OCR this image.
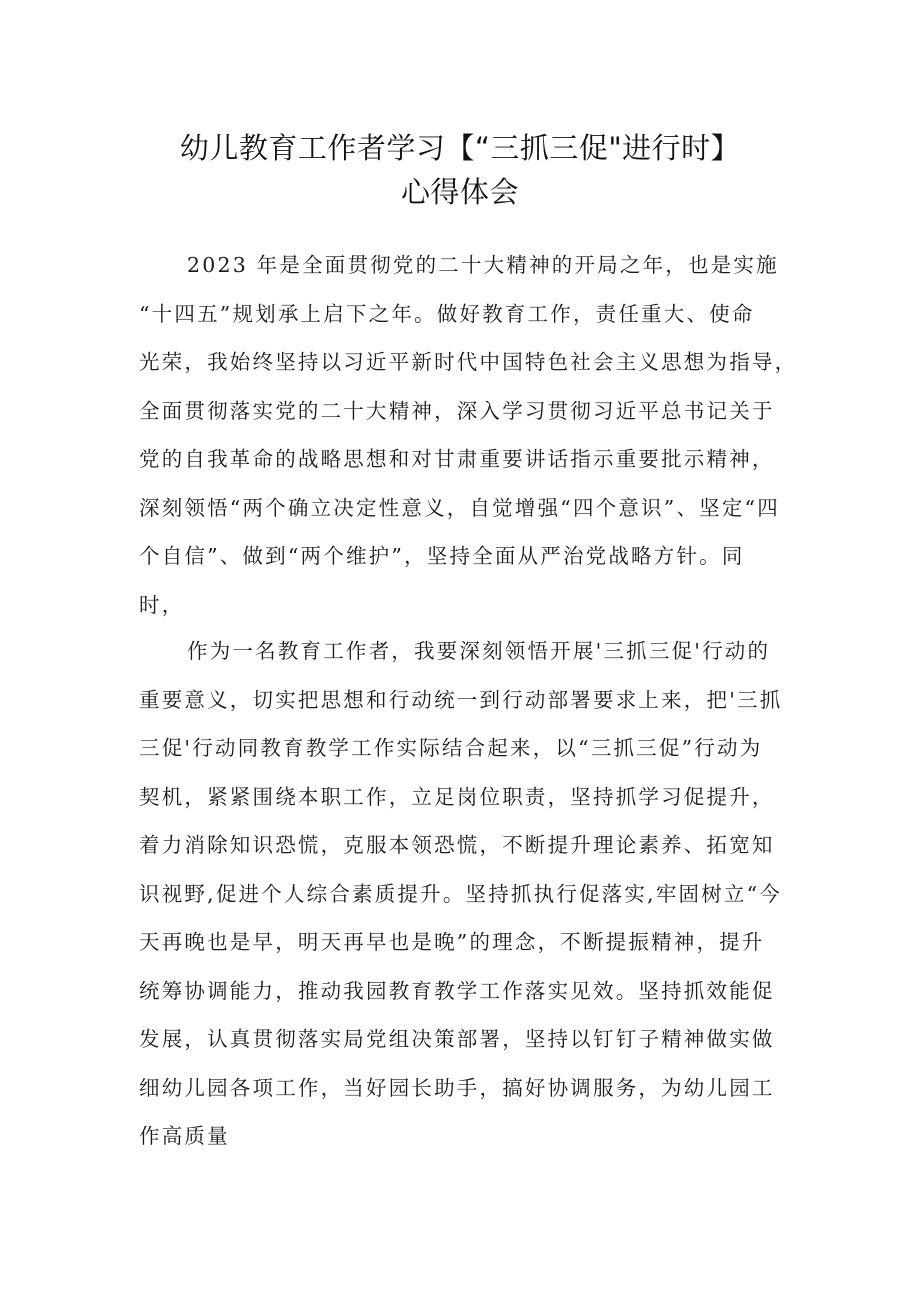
幼儿教育工作者学习【“三抓三促"进行时】
心得体会
2023 年是全面贯彻党的二十大精神的开局之年，也是实施
“十四五”规划承上启下之年。做好教育工作，责任重大、使命
光荣，我始终坚持以习近平新时代中国特色社会主义思想为指导，
全面贯彻落实党的二十大精神，深入学习贯彻习近平总书记关于
党的自我革命的战略思想和对甘肃重要讲话指示重要批示精神，
深刻领悟“两个确立决定性意义，自觉增强“四个意识”、坚定“四
个自信”、做到“两个维护”，坚持全面从严治党战略方针。同
时，
作为一名教育工作者，我要深刻领悟开展'三抓三促'行动的
重要意义，切实把思想和行动统一到行动部署要求上来，把'三抓
三促'行动同教育教学工作实际结合起来，以“三抓三促”行动为
契机，紧紧围绕本职工作，立足岗位职责，坚持抓学习促提升，
着力消除知识恐慌，克服本领恐慌，不断提升理论素养、拓宽知
识视野,促进个人综合素质提升。坚持抓执行促落实,牢固树立“今
天再晚也是早，明天再早也是晚”的理念，不断提振精神，提升
统筹协调能力，推动我园教育教学工作落实见效。坚持抓效能促
发展，认真贯彻落实局党组决策部署，坚持以钉钉子精神做实做
细幼儿园各项工作，当好园长助手，搞好协调服务，为幼儿园工
作高质量
